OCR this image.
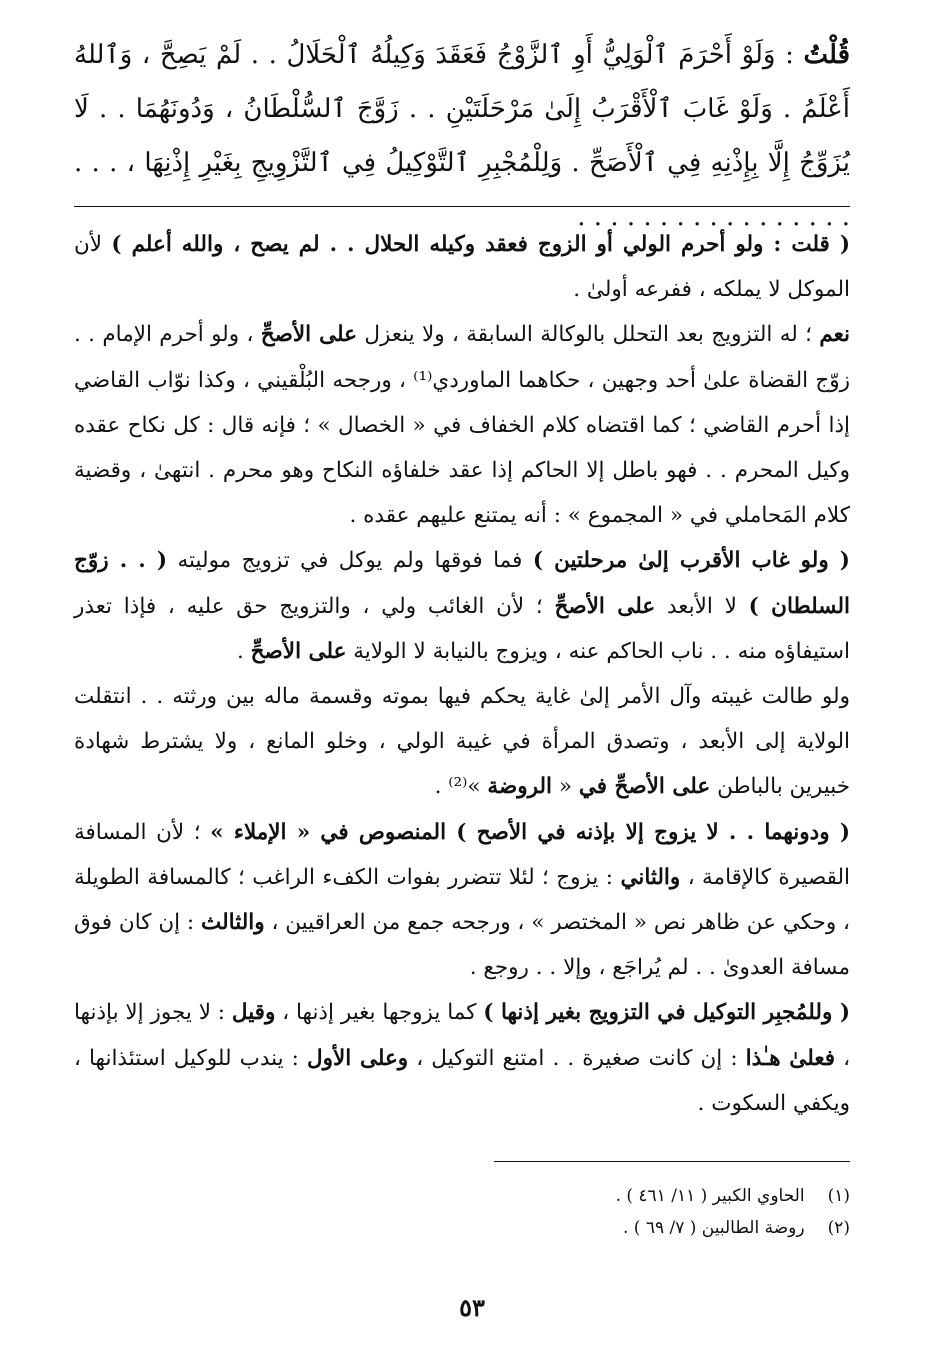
قُلْتُ : وَلَوْ أَحْرَمَ ٱلْوَلِيُّ أَوِ ٱلزَّوْجُ فَعَقَدَ وَكِيلُهُ ٱلْحَلَالُ . . لَمْ يَصِحَّ ، وَٱللهُ أَعْلَمُ . وَلَوْ غَابَ ٱلْأَقْرَبُ إِلَىٰ مَرْحَلَتَيْنِ . . زَوَّجَ ٱلسُّلْطَانُ ، وَدُونَهُمَا . . لَا يُزَوِّجُ إِلَّا بِإِذْنِهِ فِي ٱلْأَصَحِّ . وَلِلْمُجْبِرِ ٱلتَّوْكِيلُ فِي ٱلتَّزْوِيجِ بِغَيْرِ إِذْنِهَا ، . . . . . . . . . . . . . . . . . . . .

( قلت : ولو أحرم الولي أو الزوج فعقد وكيله الحلال . . لم يصح ، والله أعلم ) لأن الموكل لا يملكه ، ففرعه أولىٰ .

نعم ؛ له التزويج بعد التحلل بالوكالة السابقة ، ولا ينعزل على الأصحِّ ، ولو أحرم الإمام . . زوّج القضاة علىٰ أحد وجهين ، حكاهما الماوردي⁽¹⁾ ، ورجحه البُلْقيني ، وكذا نوّاب القاضي إذا أحرم القاضي ؛ كما اقتضاه كلام الخفاف في « الخصال » ؛ فإنه قال : كل نكاح عقده وكيل المحرم . . فهو باطل إلا الحاكم إذا عقد خلفاؤه النكاح وهو محرم . انتهىٰ ، وقضية كلام المَحاملي في « المجموع » : أنه يمتنع عليهم عقده .

( ولو غاب الأقرب إلىٰ مرحلتين ) فما فوقها ولم يوكل في تزويج موليته ( . . زوّج السلطان ) لا الأبعد على الأصحِّ ؛ لأن الغائب ولي ، والتزويج حق عليه ، فإذا تعذر استيفاؤه منه . . ناب الحاكم عنه ، ويزوج بالنيابة لا الولاية على الأصحِّ .

ولو طالت غيبته وآل الأمر إلىٰ غاية يحكم فيها بموته وقسمة ماله بين ورثته . . انتقلت الولاية إلى الأبعد ، وتصدق المرأة في غيبة الولي ، وخلو المانع ، ولا يشترط شهادة خبيرين بالباطن على الأصحِّ في « الروضة »⁽²⁾ .

( ودونهما . . لا يزوج إلا بإذنه في الأصح ) المنصوص في « الإملاء » ؛ لأن المسافة القصيرة كالإقامة ، والثاني : يزوج ؛ لئلا تتضرر بفوات الكفء الراغب ؛ كالمسافة الطويلة ، وحكي عن ظاهر نص « المختصر » ، ورجحه جمع من العراقيين ، والثالث : إن كان فوق مسافة العدوىٰ . . لم يُراجَع ، وإلا . . روجع .

( وللمُجبِر التوكيل في التزويج بغير إذنها ) كما يزوجها بغير إذنها ، وقيل : لا يجوز إلا بإذنها ، فعلىٰ هـٰذا : إن كانت صغيرة . . امتنع التوكيل ، وعلى الأول : يندب للوكيل استئذانها ، ويكفي السكوت .

(١) الحاوي الكبير ( ١١/ ٤٦١ ) .

(٢) روضة الطالبين ( ٧/ ٦٩ ) .

٥٣
